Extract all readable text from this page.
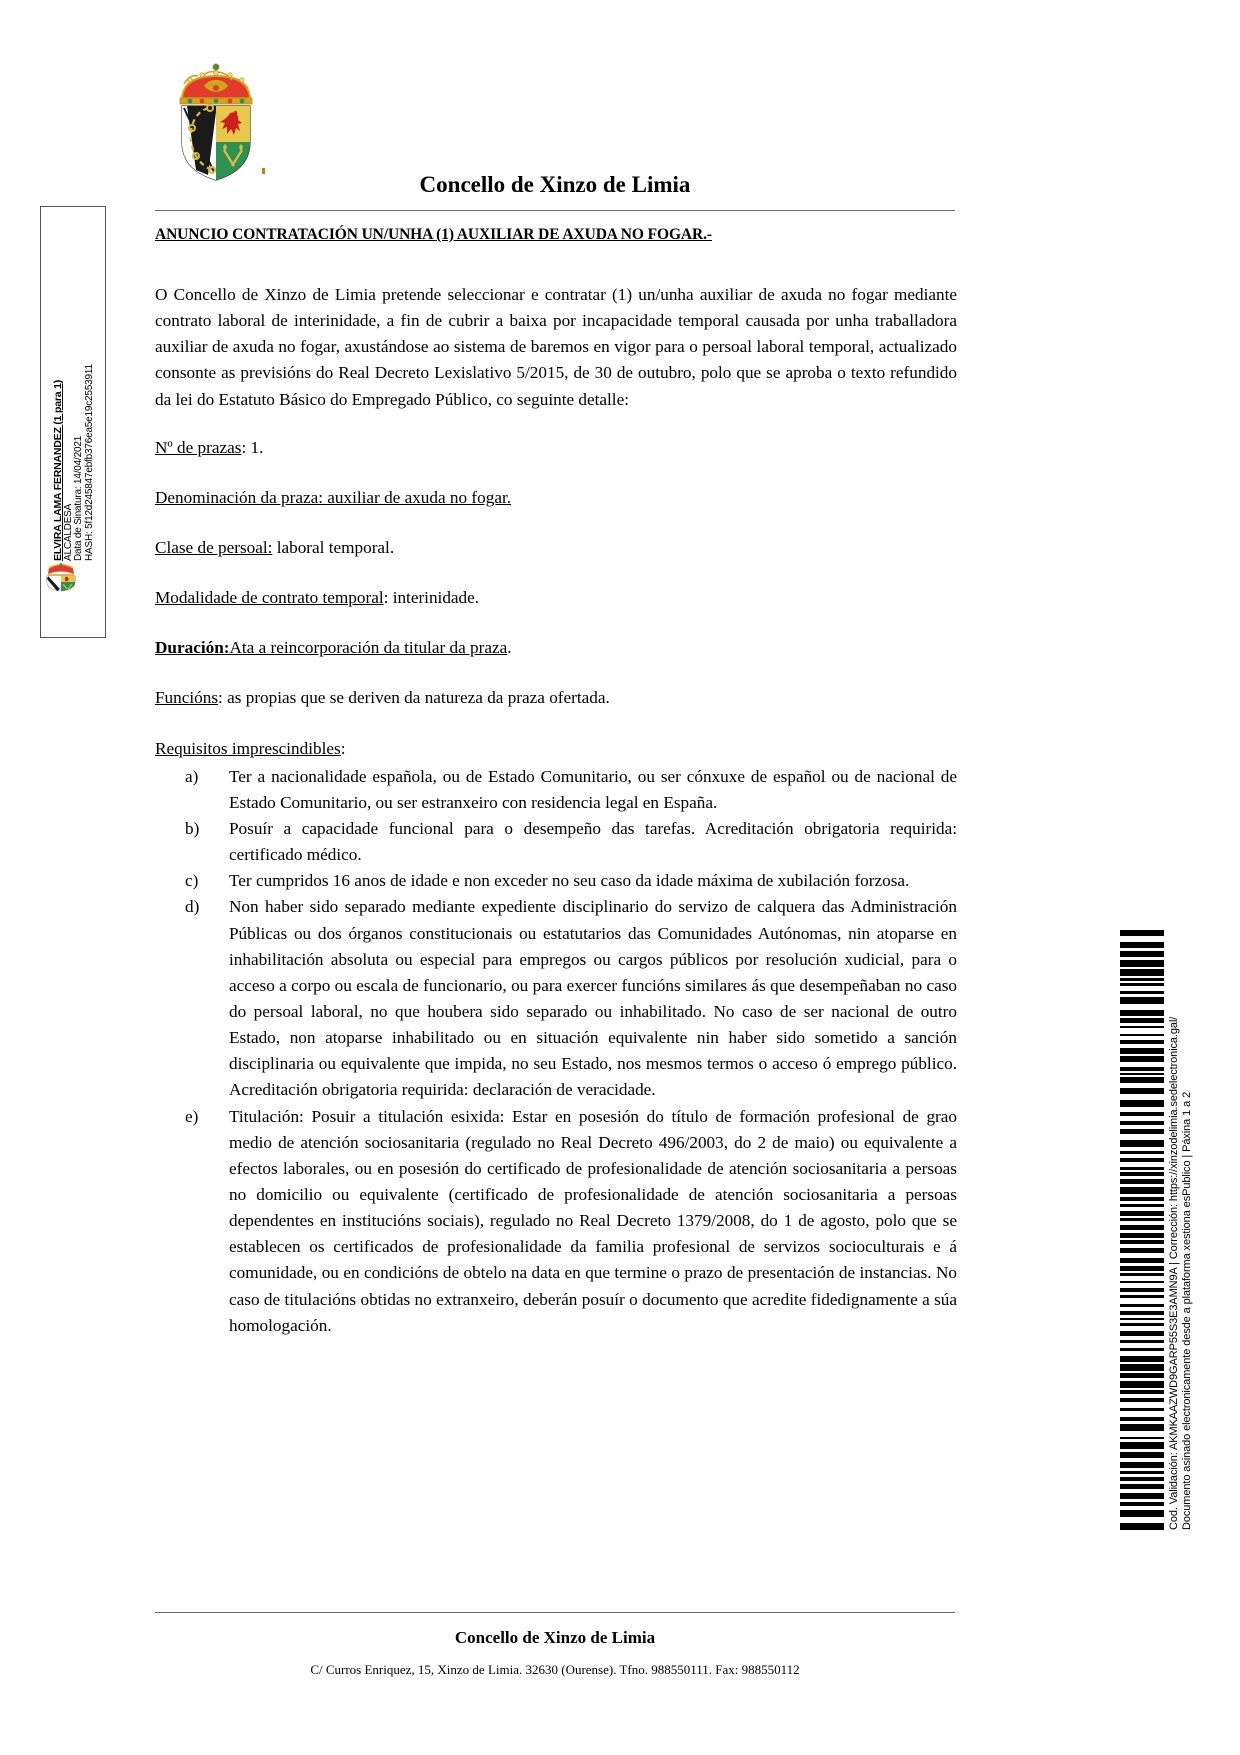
ELVIRA LAMA FERNANDEZ (1 para 1) ALCALDESA Data de Sinatura: 14/04/2021 HASH: 5f12d245847ebfb376ea5e19c2553911
Concello de Xinzo de Limia
ANUNCIO CONTRATACIÓN UN/UNHA (1) AUXILIAR DE AXUDA NO FOGAR.-

O Concello de Xinzo de Limia pretende seleccionar e contratar (1) un/unha auxiliar de axuda no fogar mediante contrato laboral de interinidade, a fin de cubrir a baixa por incapacidade temporal causada por unha traballadora auxiliar de axuda no fogar, axustándose ao sistema de baremos en vigor para o persoal laboral temporal, actualizado consonte as previsións do Real Decreto Lexislativo 5/2015, de 30 de outubro, polo que se aproba o texto refundido da lei do Estatuto Básico do Empregado Público, co seguinte detalle:

Nº de prazas: 1.

Denominación da praza: auxiliar de axuda no fogar.

Clase de persoal: laboral temporal.

Modalidade de contrato temporal: interinidade.

Duración:Ata a reincorporación da titular da praza.

Funcións: as propias que se deriven da natureza da praza ofertada.

Requisitos imprescindibles:

Ter a nacionalidade española, ou de Estado Comunitario, ou ser cónxuxe de español ou de nacional de Estado Comunitario, ou ser estranxeiro con residencia legal en España.
Posuír a capacidade funcional para o desempeño das tarefas. Acreditación obrigatoria requirida: certificado médico.
Ter cumpridos 16 anos de idade e non exceder no seu caso da idade máxima de xubilación forzosa.
Non haber sido separado mediante expediente disciplinario do servizo de calquera das Administración Públicas ou dos órganos constitucionais ou estatutarios das Comunidades Autónomas, nin atoparse en inhabilitación absoluta ou especial para empregos ou cargos públicos por resolución xudicial, para o acceso a corpo ou escala de funcionario, ou para exercer funcións similares ás que desempeñaban no caso do persoal laboral, no que houbera sido separado ou inhabilitado. No caso de ser nacional de outro Estado, non atoparse inhabilitado ou en situación equivalente nin haber sido sometido a sanción disciplinaria ou equivalente que impida, no seu Estado, nos mesmos termos o acceso ó emprego público. Acreditación obrigatoria requirida: declaración de veracidade.
Titulación: Posuir a titulación esixida: Estar en posesión do título de formación profesional de grao medio de atención sociosanitaria (regulado no Real Decreto 496/2003, do 2 de maio) ou equivalente a efectos laborales, ou en posesión do certificado de profesionalidade de atención sociosanitaria a persoas no domicilio ou equivalente (certificado de profesionalidade de atención sociosanitaria a persoas dependentes en institucións sociais), regulado no Real Decreto 1379/2008, do 1 de agosto, polo que se establecen os certificados de profesionalidade da familia profesional de servizos socioculturais e á comunidade, ou en condicións de obtelo na data en que termine o prazo de presentación de instancias. No caso de titulacións obtidas no extranxeiro, deberán posuír o documento que acredite fidedignamente a súa homologación.
Concello de Xinzo de Limia
C/ Curros Enriquez, 15, Xinzo de Limia. 32630 (Ourense). Tfno. 988550111. Fax: 988550112
Cod. Validación: AKMKAAZWD9GARP55S3E3AMN9A | Corrección: https://xinzodelimia.sedelectronica.gal/ Documento asinado electronicamente desde a plataforma xestiona esPublico | Páxina 1 a 2
